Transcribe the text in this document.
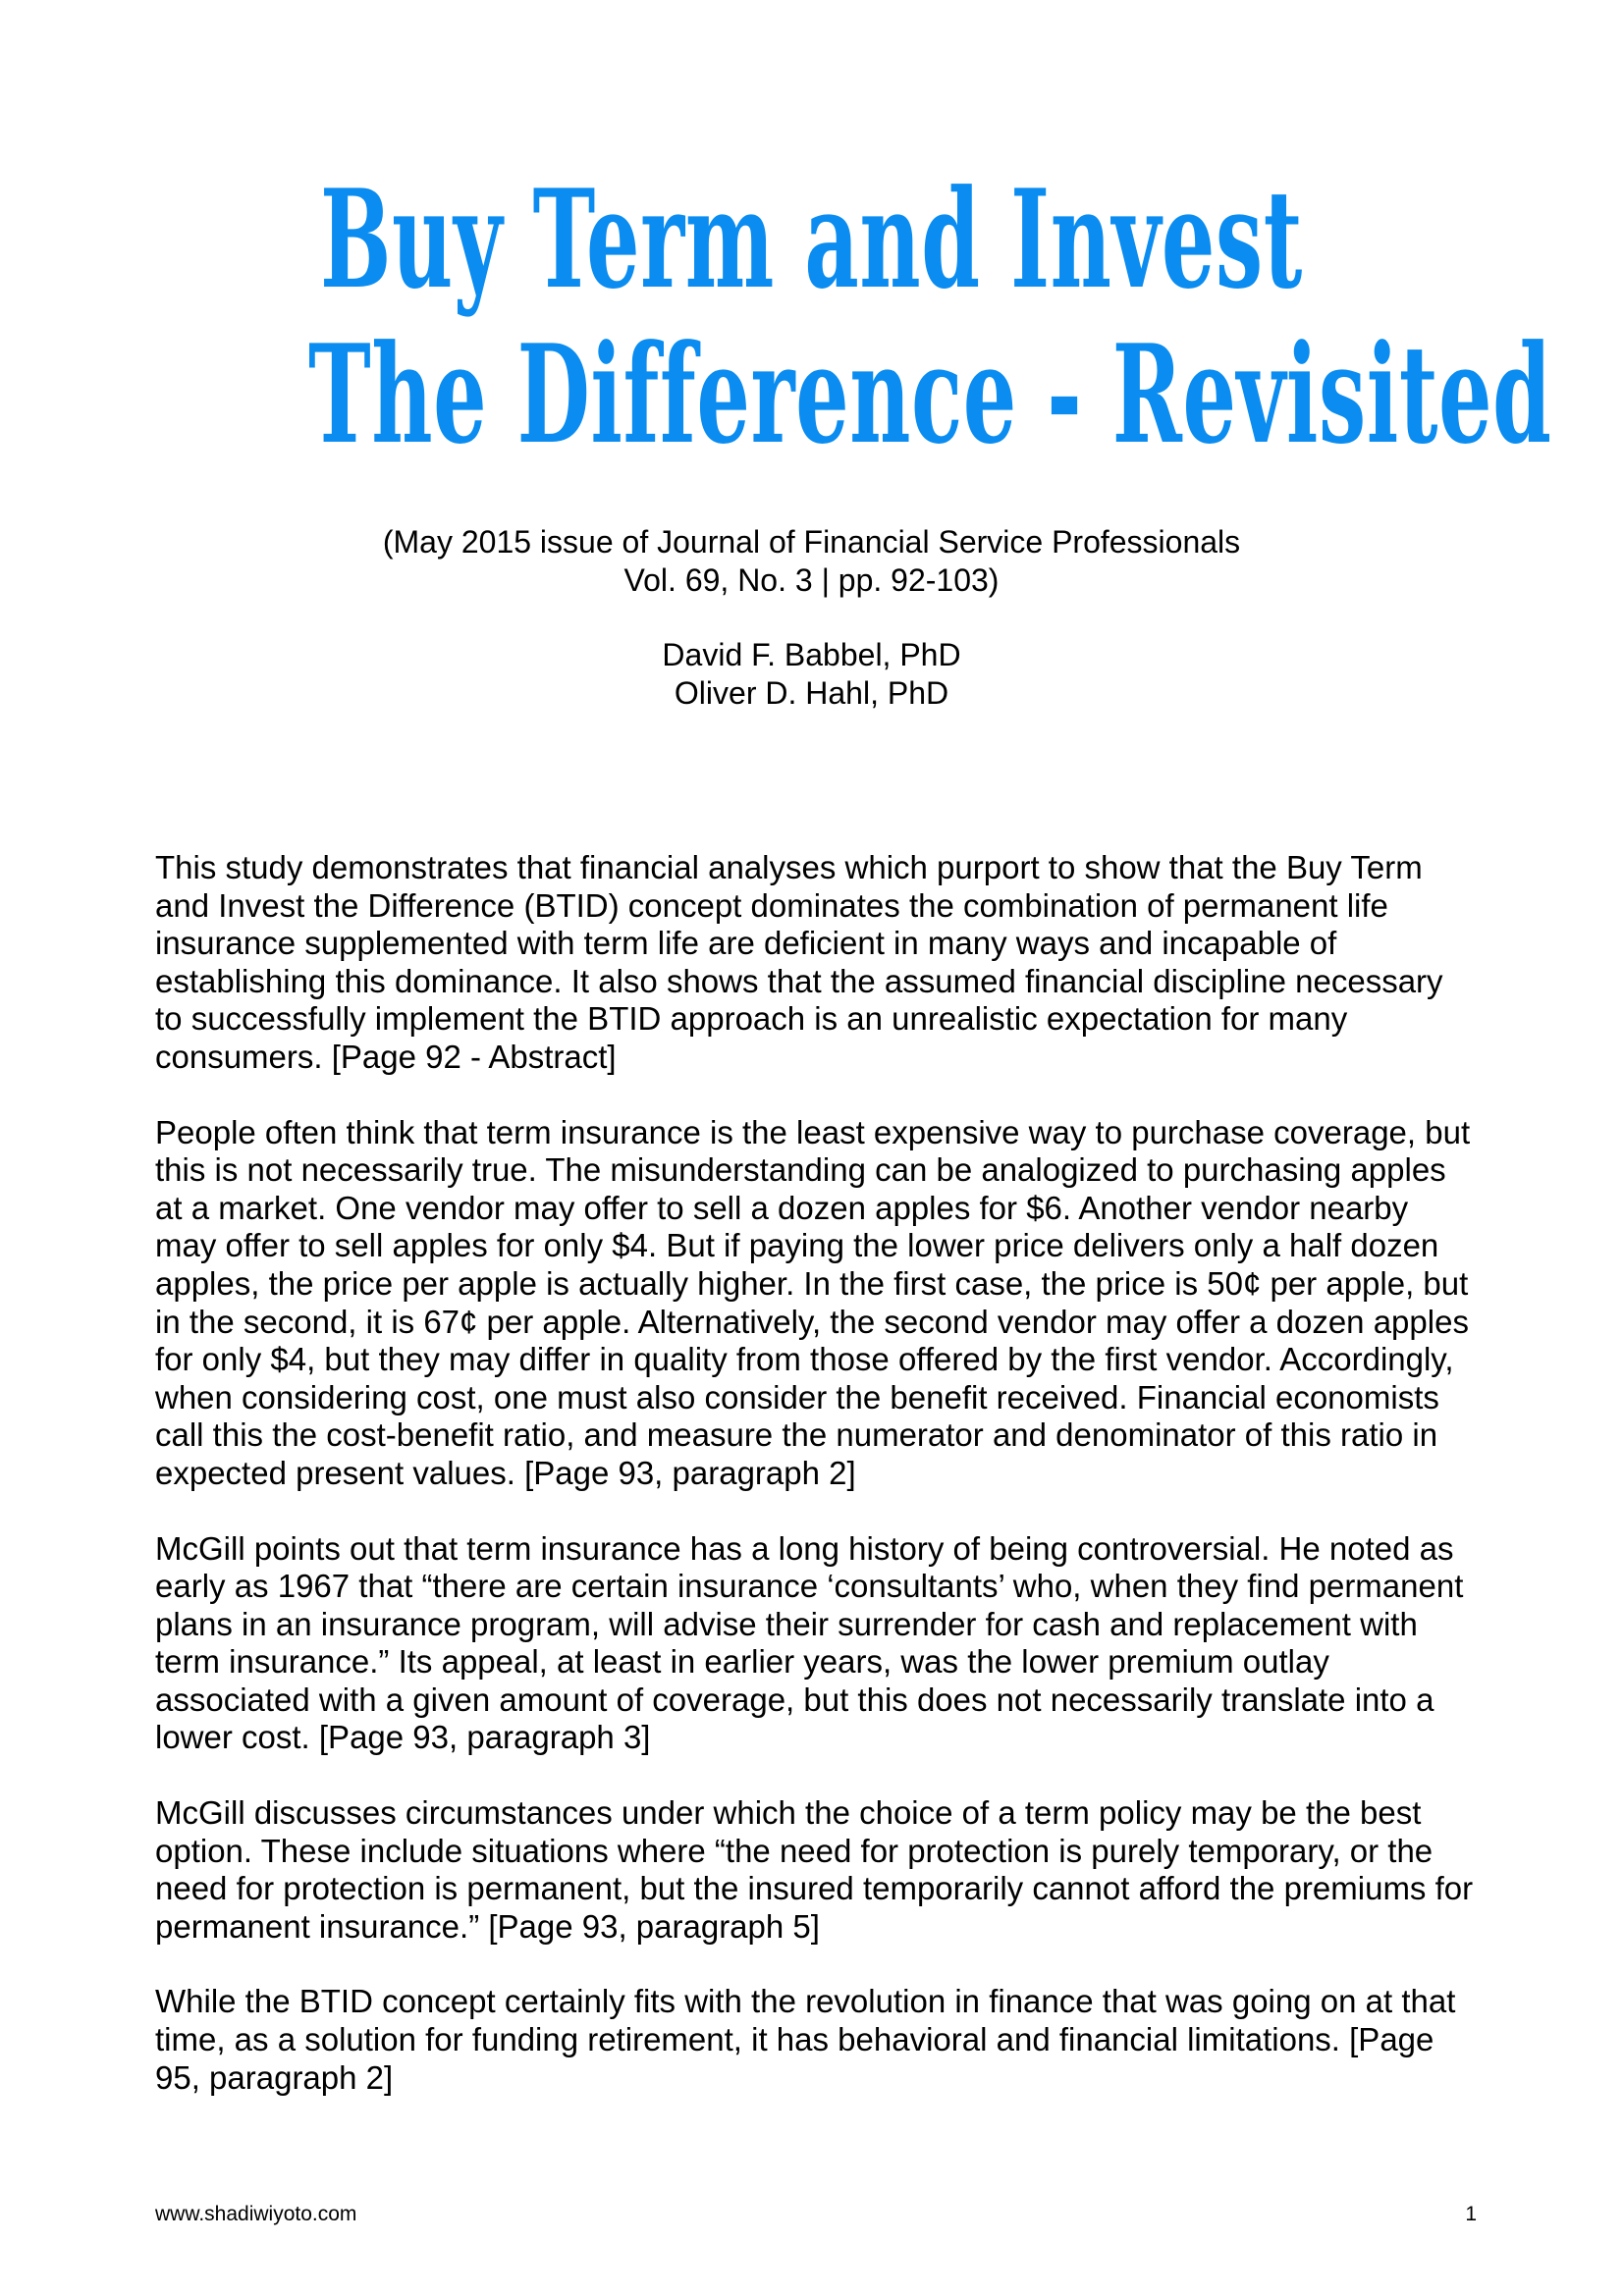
Buy Term and Invest
The Difference - Revisited
(May 2015 issue of Journal of Financial Service Professionals
Vol. 69, No. 3 | pp. 92-103)
David F. Babbel, PhD
Oliver D. Hahl, PhD

This study demonstrates that financial analyses which purport to show that the Buy Term and Invest the Difference (BTID) concept dominates the combination of permanent life insurance supplemented with term life are deficient in many ways and incapable of establishing this dominance. It also shows that the assumed financial discipline necessary to successfully implement the BTID approach is an unrealistic expectation for many consumers. [Page 92 - Abstract]

People often think that term insurance is the least expensive way to purchase coverage, but this is not necessarily true. The misunderstanding can be analogized to purchasing apples at a market. One vendor may offer to sell a dozen apples for $6. Another vendor nearby may offer to sell apples for only $4. But if paying the lower price delivers only a half dozen apples, the price per apple is actually higher. In the first case, the price is 50¢ per apple, but in the second, it is 67¢ per apple. Alternatively, the second vendor may offer a dozen apples for only $4, but they may differ in quality from those offered by the first vendor. Accordingly, when considering cost, one must also consider the benefit received. Financial economists call this the cost-benefit ratio, and measure the numerator and denominator of this ratio in expected present values. [Page 93, paragraph 2]

McGill points out that term insurance has a long history of being controversial. He noted as early as 1967 that “there are certain insurance ‘consultants’ who, when they find permanent plans in an insurance program, will advise their surrender for cash and replacement with term insurance.” Its appeal, at least in earlier years, was the lower premium outlay associated with a given amount of coverage, but this does not necessarily translate into a lower cost. [Page 93, paragraph 3]

McGill discusses circumstances under which the choice of a term policy may be the best option. These include situations where “the need for protection is purely temporary, or the need for protection is permanent, but the insured temporarily cannot afford the premiums for permanent insurance.” [Page 93, paragraph 5]

While the BTID concept certainly fits with the revolution in finance that was going on at that time, as a solution for funding retirement, it has behavioral and financial limitations. [Page 95, paragraph 2]

www.shadiwiyoto.com	1
